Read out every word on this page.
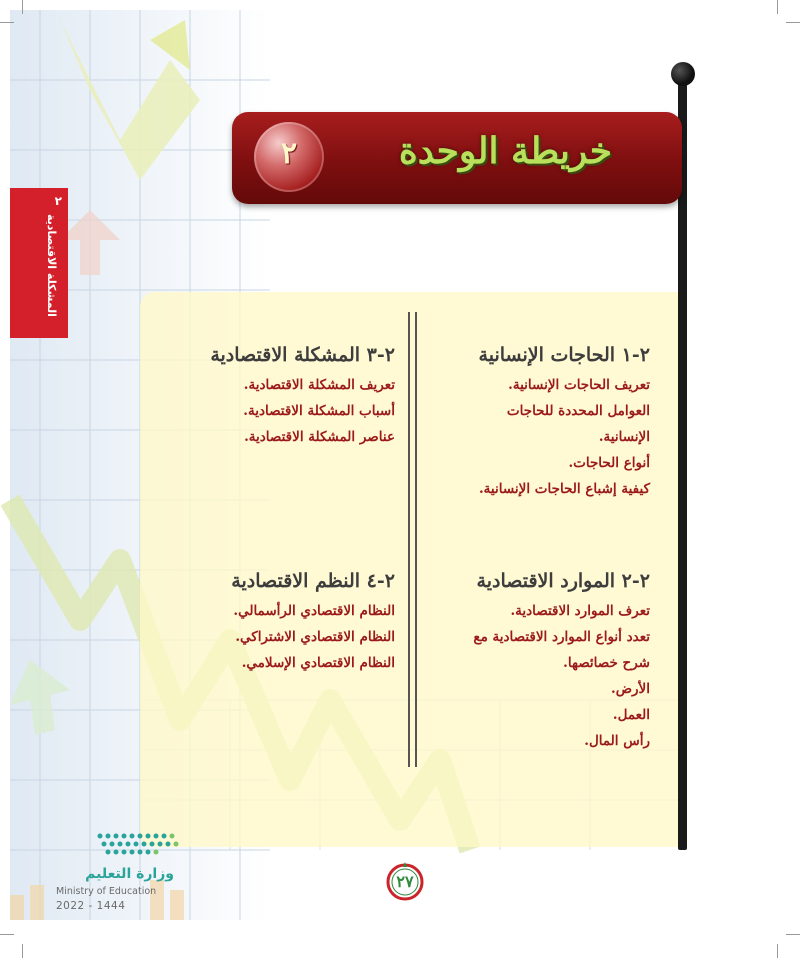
٢
المشكلة الاقتصادية
٢	خريطة الوحدة
٢-١ الحاجات الإنسانية
تعريف الحاجات الإنسانية.
العوامل المحددة للحاجات
الإنسانية.
أنواع الحاجات.
كيفية إشباع الحاجات الإنسانية.
٢-٣ المشكلة الاقتصادية
تعريف المشكلة الاقتصادية.
أسباب المشكلة الاقتصادية.
عناصر المشكلة الاقتصادية.
٢-٢ الموارد الاقتصادية
تعرف الموارد الاقتصادية.
تعدد أنواع الموارد الاقتصادية مع
شرح خصائصها.
الأرض.
العمل.
رأس المال.
٢-٤ النظم الاقتصادية
النظام الاقتصادي الرأسمالي.
النظام الاقتصادي الاشتراكي.
النظام الاقتصادي الإسلامي.
٢٧
وزارة التعليم
Ministry of Education
2022 - 1444
